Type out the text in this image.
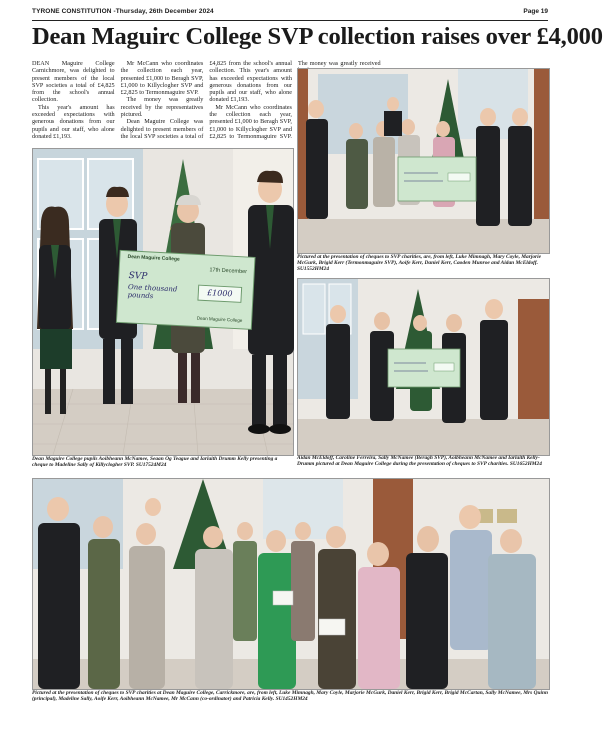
TYRONE CONSTITUTION -Thursday, 26th December 2024	Page 19
Dean Maguirc College SVP collection raises over £4,000

DEAN Maguire College Carnichmore, was delighted to present members of the local SVP societies a total of £4,825 from the school's annual collection.

This year's amount has exceeded expectations with generous donations from our pupils and our staff, who alone donated £1,193.

Mr McCann who coordinates the collection each year, presented £1,000 to Beragh SVP, £1,000 to Killyclogher SVP and £2,825 to Termonmaguire SVP.

The money was greatly received by the representatives pictured.

Dean Maguire College was delighted to present members of the local SVP societies a total of £4,825 from the school's annual collection. This year's amount has exceeded expectations with generous donations from our pupils and our staff, who alone donated £1,193.

Mr McCann who coordinates the collection each year, presented £1,000 to Beragh SVP, £1,000 to Killyclogher SVP and £2,825 to Termonmaguire SVP. The money was greatly received

Dean Maguire College
17th December
SVP
One thousand pounds	£1000
Dean Maguire College
Dean Maguire College pupils Aoibheann McNamee, Seaan Og Teague and Iarlaith Drumm Kelly presenting a cheque to Madeline Sally of Killyclogher SVP. SU17524M24
Pictured at the presentation of cheques to SVP charities, are, from left, Luke Mimnagh, Mary Coyle, Marjorie McGurk, Brigid Kerr (Termonmaguire SVP), Aoife Kerr, Daniel Kerr, Caoden Munroe and Aidan McEldoff. SU1552HM24
Aidan McEldoff, Caroline Ferreira, Sally McNamee (Beragh SVP), Aoibheann McNamee and Iarlaith Kelly-Drumm pictured at Dean Maguire College during the presentation of cheques to SVP charities. SU1652HM24
Pictured at the presentation of cheques to SVP charities at Dean Maguire College, Carrickmore, are, from left, Luke Mimnagh, Mary Coyle, Marjorie McGurk, Daniel Kerr, Brigid Kerr, Brigid McCartan, Sally McNamee, Mrs Quinn (principal), Madeline Sally, Aoife Kerr, Aoibheann McNamee, Mr McCann (co-ordinator) and Patricia Kelly. SU1452HM24
